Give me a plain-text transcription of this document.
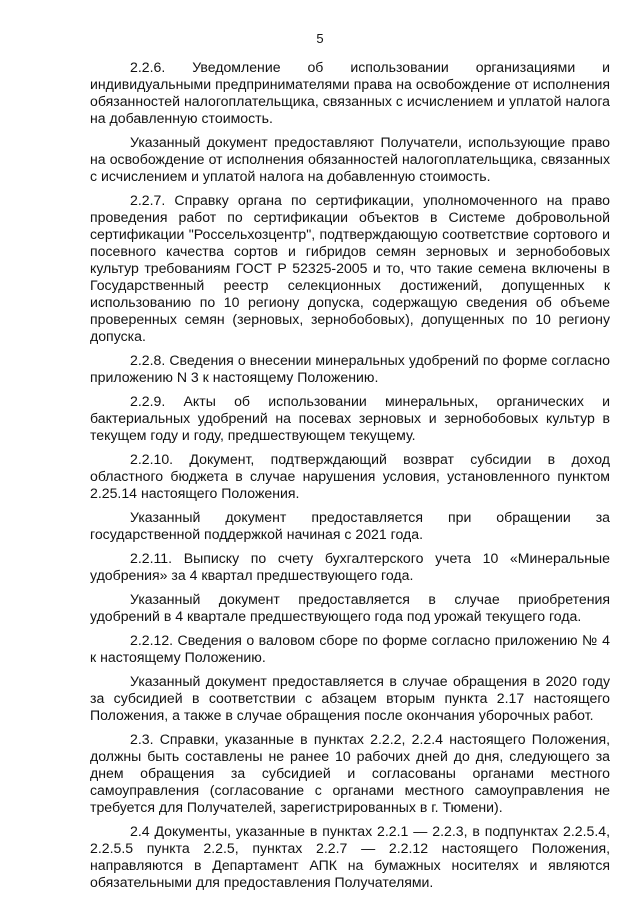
5

2.2.6. Уведомление об использовании организациями и индивидуальными предпринимателями права на освобождение от исполнения обязанностей налогоплательщика, связанных с исчислением и уплатой налога на добавленную стоимость.

Указанный документ предоставляют Получатели, использующие право на освобождение от исполнения обязанностей налогоплательщика, связанных с исчислением и уплатой налога на добавленную стоимость.

2.2.7. Справку органа по сертификации, уполномоченного на право проведения работ по сертификации объектов в Системе добровольной сертификации "Россельхозцентр", подтверждающую соответствие сортового и посевного качества сортов и гибридов семян зерновых и зернобобовых культур требованиям ГОСТ Р 52325-2005 и то, что такие семена включены в Государственный реестр селекционных достижений, допущенных к использованию по 10 региону допуска, содержащую сведения об объеме проверенных семян (зерновых, зернобобовых), допущенных по 10 региону допуска.

2.2.8. Сведения о внесении минеральных удобрений по форме согласно приложению N 3 к настоящему Положению.

2.2.9. Акты об использовании минеральных, органических и бактериальных удобрений на посевах зерновых и зернобобовых культур в текущем году и году, предшествующем текущему.

2.2.10. Документ, подтверждающий возврат субсидии в доход областного бюджета в случае нарушения условия, установленного пунктом 2.25.14 настоящего Положения.

Указанный документ предоставляется при обращении за государственной поддержкой начиная с 2021 года.

2.2.11. Выписку по счету бухгалтерского учета 10 «Минеральные удобрения» за 4 квартал предшествующего года.

Указанный документ предоставляется в случае приобретения удобрений в 4 квартале предшествующего года под урожай текущего года.

2.2.12. Сведения о валовом сборе по форме согласно приложению № 4 к настоящему Положению.

Указанный документ предоставляется в случае обращения в 2020 году за субсидией в соответствии с абзацем вторым пункта 2.17 настоящего Положения, а также в случае обращения после окончания уборочных работ.

2.3. Справки, указанные в пунктах 2.2.2, 2.2.4 настоящего Положения, должны быть составлены не ранее 10 рабочих дней до дня, следующего за днем обращения за субсидией и согласованы органами местного самоуправления (согласование с органами местного самоуправления не требуется для Получателей, зарегистрированных в г. Тюмени).

2.4 Документы, указанные в пунктах 2.2.1 — 2.2.3, в подпунктах 2.2.5.4, 2.2.5.5 пункта 2.2.5, пунктах 2.2.7 — 2.2.12 настоящего Положения, направляются в Департамент АПК на бумажных носителях и являются обязательными для предоставления Получателями.
